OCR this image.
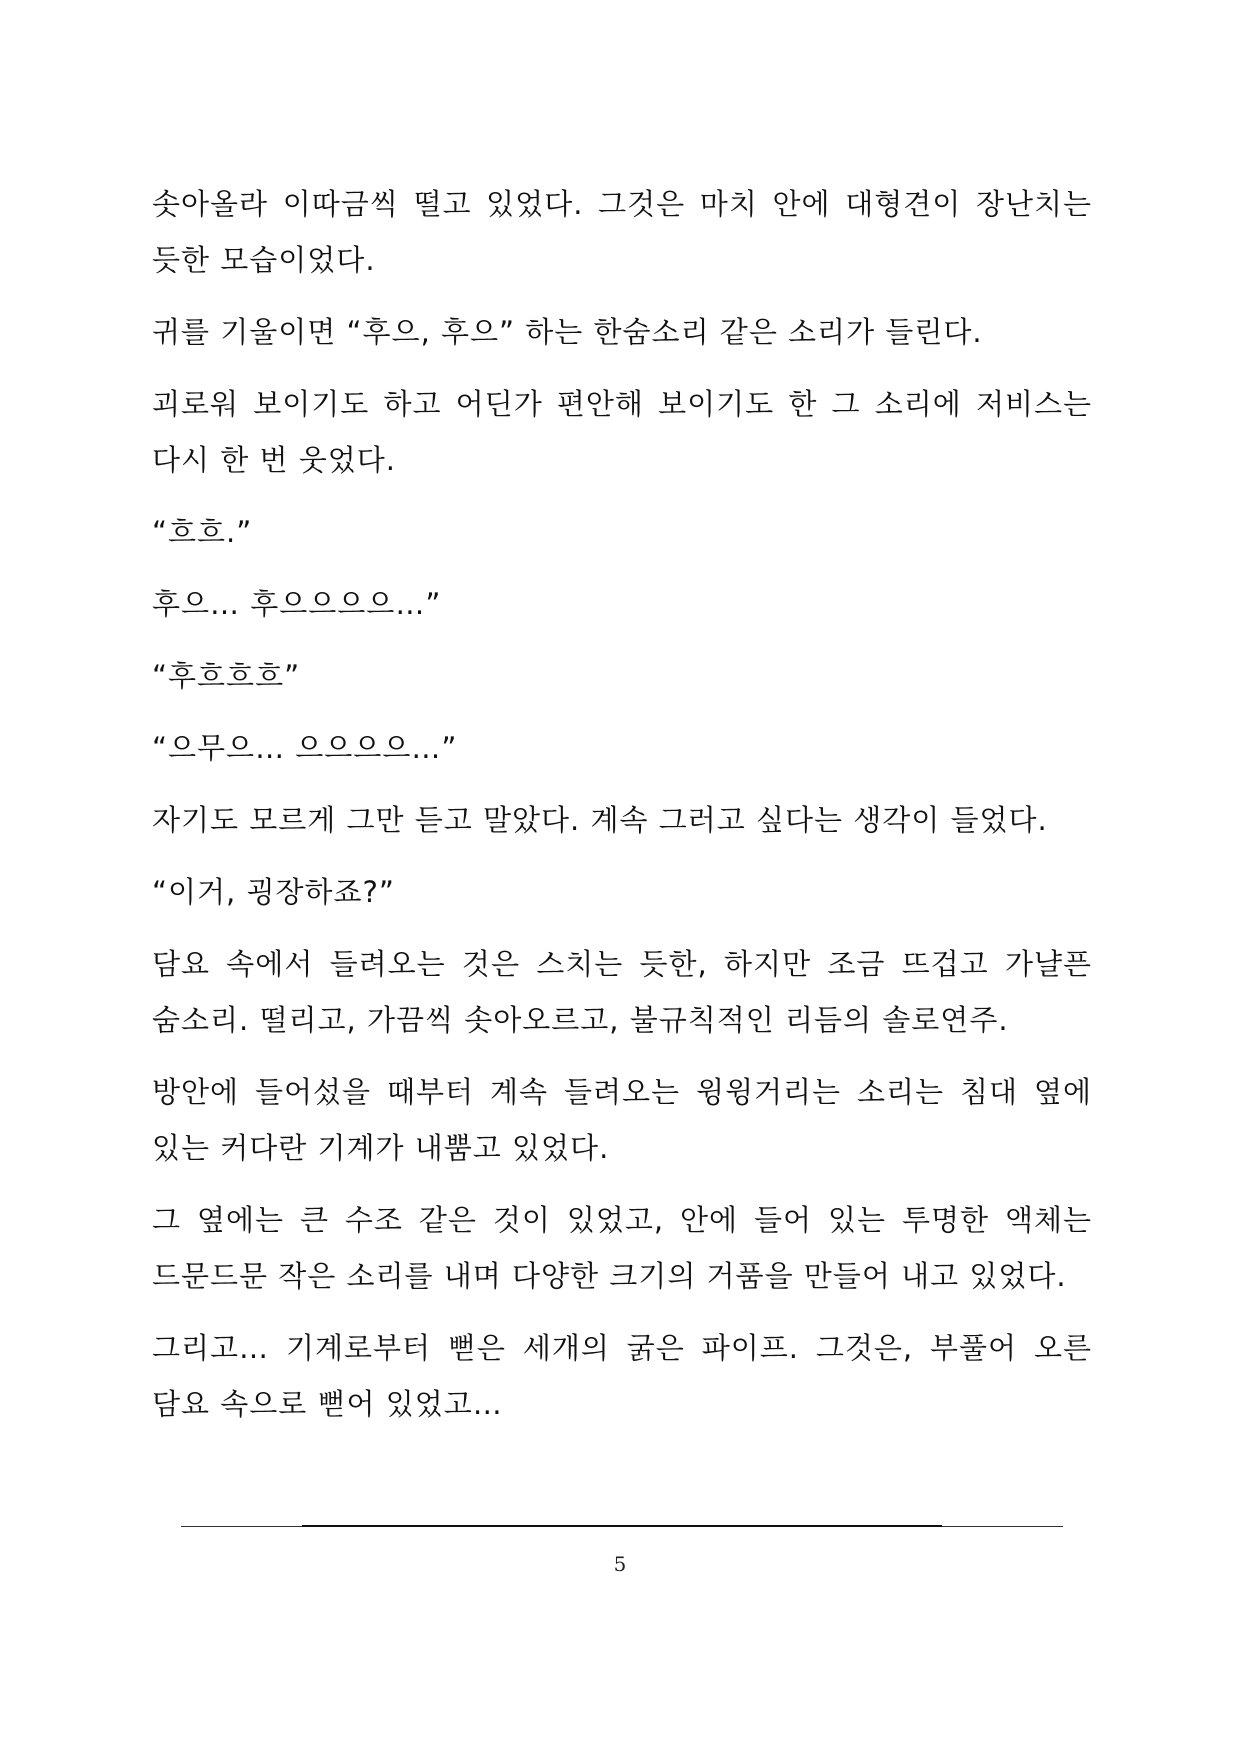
솟아올라 이따금씩 떨고 있었다. 그것은 마치 안에 대형견이 장난치는 듯한 모습이었다.

귀를 기울이면 “후으, 후으” 하는 한숨소리 같은 소리가 들린다.

괴로워 보이기도 하고 어딘가 편안해 보이기도 한 그 소리에 저비스는 다시 한 번 웃었다.

“흐흐.”

후으… 후으으으으…”

“후흐흐흐”

“으무으… 으으으으…”

자기도 모르게 그만 듣고 말았다. 계속 그러고 싶다는 생각이 들었다.

“이거, 굉장하죠?”

담요 속에서 들려오는 것은 스치는 듯한, 하지만 조금 뜨겁고 가냘픈 숨소리. 떨리고, 가끔씩 솟아오르고, 불규칙적인 리듬의 솔로연주.

방안에 들어섰을 때부터 계속 들려오는 윙윙거리는 소리는 침대 옆에 있는 커다란 기계가 내뿜고 있었다.

그 옆에는 큰 수조 같은 것이 있었고, 안에 들어 있는 투명한 액체는 드문드문 작은 소리를 내며 다양한 크기의 거품을 만들어 내고 있었다.

그리고… 기계로부터 뻗은 세개의 굵은 파이프. 그것은, 부풀어 오른 담요 속으로 뻗어 있었고…

5
